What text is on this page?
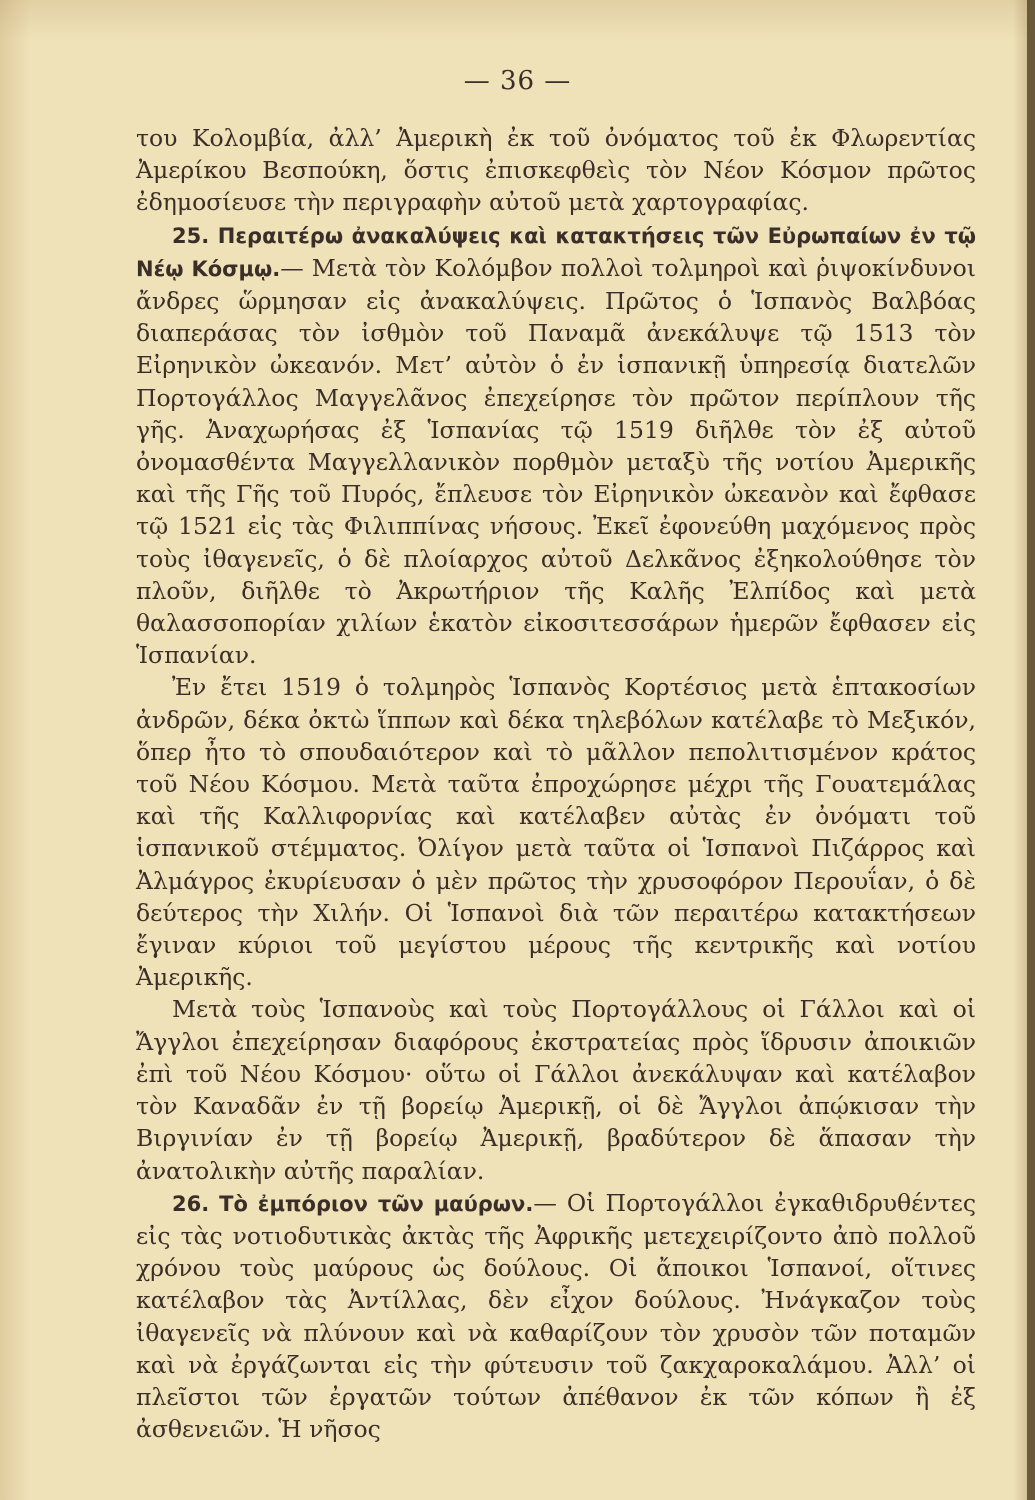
— 36 —

του Κολομβία, ἀλλ’ Ἀμερικὴ ἐκ τοῦ ὀνόματος τοῦ ἐκ Φλωρεντίας Ἀμερίκου Βεσπούκη, ὅστις ἐπισκεφθεὶς τὸν Νέον Κόσμον πρῶτος ἐδημοσίευσε τὴν περιγραφὴν αὐτοῦ μετὰ χαρτογραφίας.

25. Περαιτέρω ἀνακαλύψεις καὶ κατακτήσεις τῶν Εὐρωπαίων ἐν τῷ Νέῳ Κόσμῳ.— Μετὰ τὸν Κολόμβον πολλοὶ τολμηροὶ καὶ ῥιψοκίνδυνοι ἄνδρες ὥρμησαν εἰς ἀνακαλύψεις. Πρῶτος ὁ Ἱσπανὸς Βαλβόας διαπεράσας τὸν ἰσθμὸν τοῦ Παναμᾶ ἀνεκάλυψε τῷ 1513 τὸν Εἰρηνικὸν ὠκεανόν. Μετ’ αὐτὸν ὁ ἐν ἱσπανικῇ ὑπηρεσίᾳ διατελῶν Πορτογάλλος Μαγγελᾶνος ἐπεχείρησε τὸν πρῶτον περίπλουν τῆς γῆς. Ἀναχωρήσας ἐξ Ἱσπανίας τῷ 1519 διῆλθε τὸν ἐξ αὐτοῦ ὀνομασθέντα Μαγγελλανικὸν πορθμὸν μεταξὺ τῆς νοτίου Ἀμερικῆς καὶ τῆς Γῆς τοῦ Πυρός, ἔπλευσε τὸν Εἰρηνικὸν ὠκεανὸν καὶ ἔφθασε τῷ 1521 εἰς τὰς Φιλιππίνας νήσους. Ἐκεῖ ἐφονεύθη μαχόμενος πρὸς τοὺς ἰθαγενεῖς, ὁ δὲ πλοίαρχος αὐτοῦ Δελκᾶνος ἐξηκολούθησε τὸν πλοῦν, διῆλθε τὸ Ἀκρωτήριον τῆς Καλῆς Ἐλπίδος καὶ μετὰ θαλασσοπορίαν χιλίων ἑκατὸν εἰκοσιτεσσάρων ἡμερῶν ἔφθασεν εἰς Ἱσπανίαν.

Ἐν ἔτει 1519 ὁ τολμηρὸς Ἱσπανὸς Κορτέσιος μετὰ ἑπτακοσίων ἀνδρῶν, δέκα ὀκτὼ ἵππων καὶ δέκα τηλεβόλων κατέλαβε τὸ Μεξικόν, ὅπερ ἦτο τὸ σπουδαιότερον καὶ τὸ μᾶλλον πεπολιτισμένον κράτος τοῦ Νέου Κόσμου. Μετὰ ταῦτα ἐπροχώρησε μέχρι τῆς Γουατεμάλας καὶ τῆς Καλλιφορνίας καὶ κατέλαβεν αὐτὰς ἐν ὀνόματι τοῦ ἱσπανικοῦ στέμματος. Ὀλίγον μετὰ ταῦτα οἱ Ἱσπανοὶ Πιζάρρος καὶ Ἀλμάγρος ἐκυρίευσαν ὁ μὲν πρῶτος τὴν χρυσοφόρον Περουΐαν, ὁ δὲ δεύτερος τὴν Χιλήν. Οἱ Ἱσπανοὶ διὰ τῶν περαιτέρω κατακτήσεων ἔγιναν κύριοι τοῦ μεγίστου μέρους τῆς κεντρικῆς καὶ νοτίου Ἀμερικῆς.

Μετὰ τοὺς Ἱσπανοὺς καὶ τοὺς Πορτογάλλους οἱ Γάλλοι καὶ οἱ Ἄγγλοι ἐπεχείρησαν διαφόρους ἐκστρατείας πρὸς ἵδρυσιν ἀποικιῶν ἐπὶ τοῦ Νέου Κόσμου· οὕτω οἱ Γάλλοι ἀνεκάλυψαν καὶ κατέλαβον τὸν Καναδᾶν ἐν τῇ βορείῳ Ἀμερικῇ, οἱ δὲ Ἄγγλοι ἀπῴκισαν τὴν Βιργινίαν ἐν τῇ βορείῳ Ἀμερικῇ, βραδύτερον δὲ ἅπασαν τὴν ἀνατολικὴν αὐτῆς παραλίαν.

26. Τὸ ἐμπόριον τῶν μαύρων.— Οἱ Πορτογάλλοι ἐγκαθιδρυθέντες εἰς τὰς νοτιοδυτικὰς ἀκτὰς τῆς Ἀφρικῆς μετεχειρίζοντο ἀπὸ πολλοῦ χρόνου τοὺς μαύρους ὡς δούλους. Οἱ ἄποικοι Ἱσπανοί, οἵτινες κατέλαβον τὰς Ἀντίλλας, δὲν εἶχον δούλους. Ἠνάγκαζον τοὺς ἰθαγενεῖς νὰ πλύνουν καὶ νὰ καθαρίζουν τὸν χρυσὸν τῶν ποταμῶν καὶ νὰ ἐργάζωνται εἰς τὴν φύτευσιν τοῦ ζακχαροκαλάμου. Ἀλλ’ οἱ πλεῖστοι τῶν ἐργατῶν τούτων ἀπέθανον ἐκ τῶν κόπων ἢ ἐξ ἀσθενειῶν. Ἡ νῆσος
